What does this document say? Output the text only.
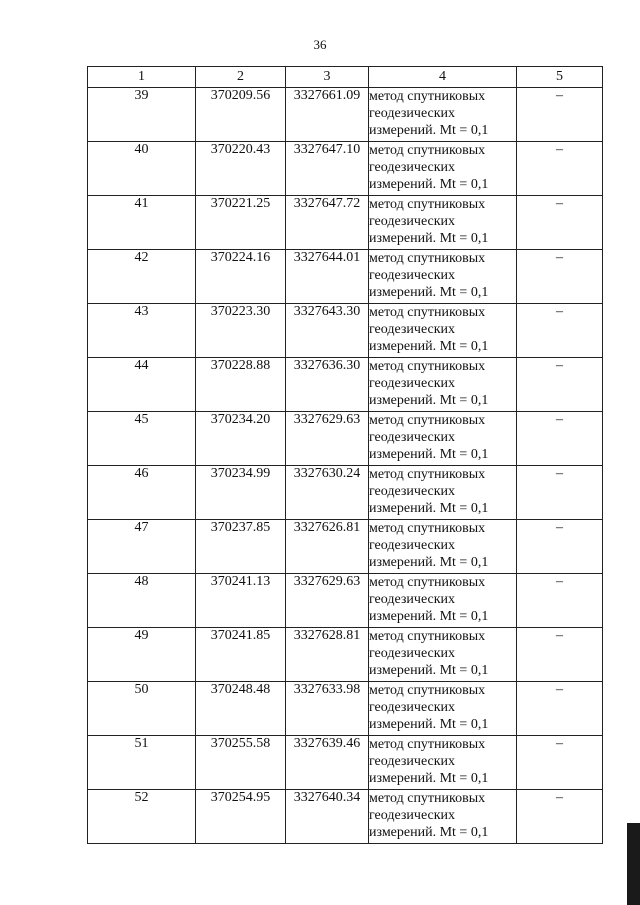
36
1	2	3	4	5
39	370209.56	3327661.09	метод спутниковых
геодезических
измерений. Mt = 0,1	–
40	370220.43	3327647.10	метод спутниковых
геодезических
измерений. Mt = 0,1	–
41	370221.25	3327647.72	метод спутниковых
геодезических
измерений. Mt = 0,1	–
42	370224.16	3327644.01	метод спутниковых
геодезических
измерений. Mt = 0,1	–
43	370223.30	3327643.30	метод спутниковых
геодезических
измерений. Mt = 0,1	–
44	370228.88	3327636.30	метод спутниковых
геодезических
измерений. Mt = 0,1	–
45	370234.20	3327629.63	метод спутниковых
геодезических
измерений. Mt = 0,1	–
46	370234.99	3327630.24	метод спутниковых
геодезических
измерений. Mt = 0,1	–
47	370237.85	3327626.81	метод спутниковых
геодезических
измерений. Mt = 0,1	–
48	370241.13	3327629.63	метод спутниковых
геодезических
измерений. Mt = 0,1	–
49	370241.85	3327628.81	метод спутниковых
геодезических
измерений. Mt = 0,1	–
50	370248.48	3327633.98	метод спутниковых
геодезических
измерений. Mt = 0,1	–
51	370255.58	3327639.46	метод спутниковых
геодезических
измерений. Mt = 0,1	–
52	370254.95	3327640.34	метод спутниковых
геодезических
измерений. Mt = 0,1	–
